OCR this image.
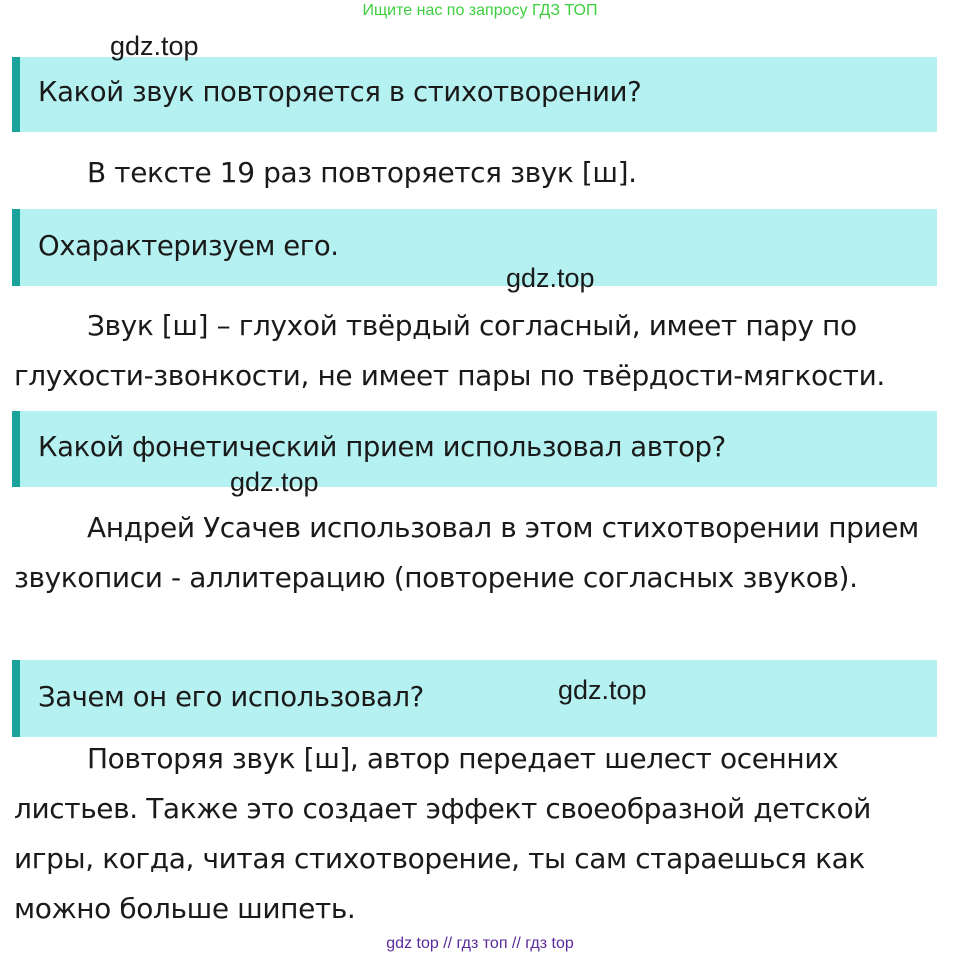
Ищите нас по запросу ГДЗ ТОП
Какой звук повторяется в стихотворении?

В тексте 19 раз повторяется звук [ш].

Охарактеризуем его.

Звук [ш] – глухой твёрдый согласный, имеет пару по глухости-звонкости, не имеет пары по твёрдости-мягкости.

Какой фонетический прием использовал автор?

Андрей Усачев использовал в этом стихотворении прием звукописи - аллитерацию (повторение согласных звуков).

Зачем он его использовал?

Повторяя звук [ш], автор передает шелест осенних листьев. Также это создает эффект своеобразной детской игры, когда, читая стихотворение, ты сам стараешься как можно больше шипеть.

gdz.top
gdz.top
gdz.top
gdz.top
gdz top // гдз топ // гдз top
